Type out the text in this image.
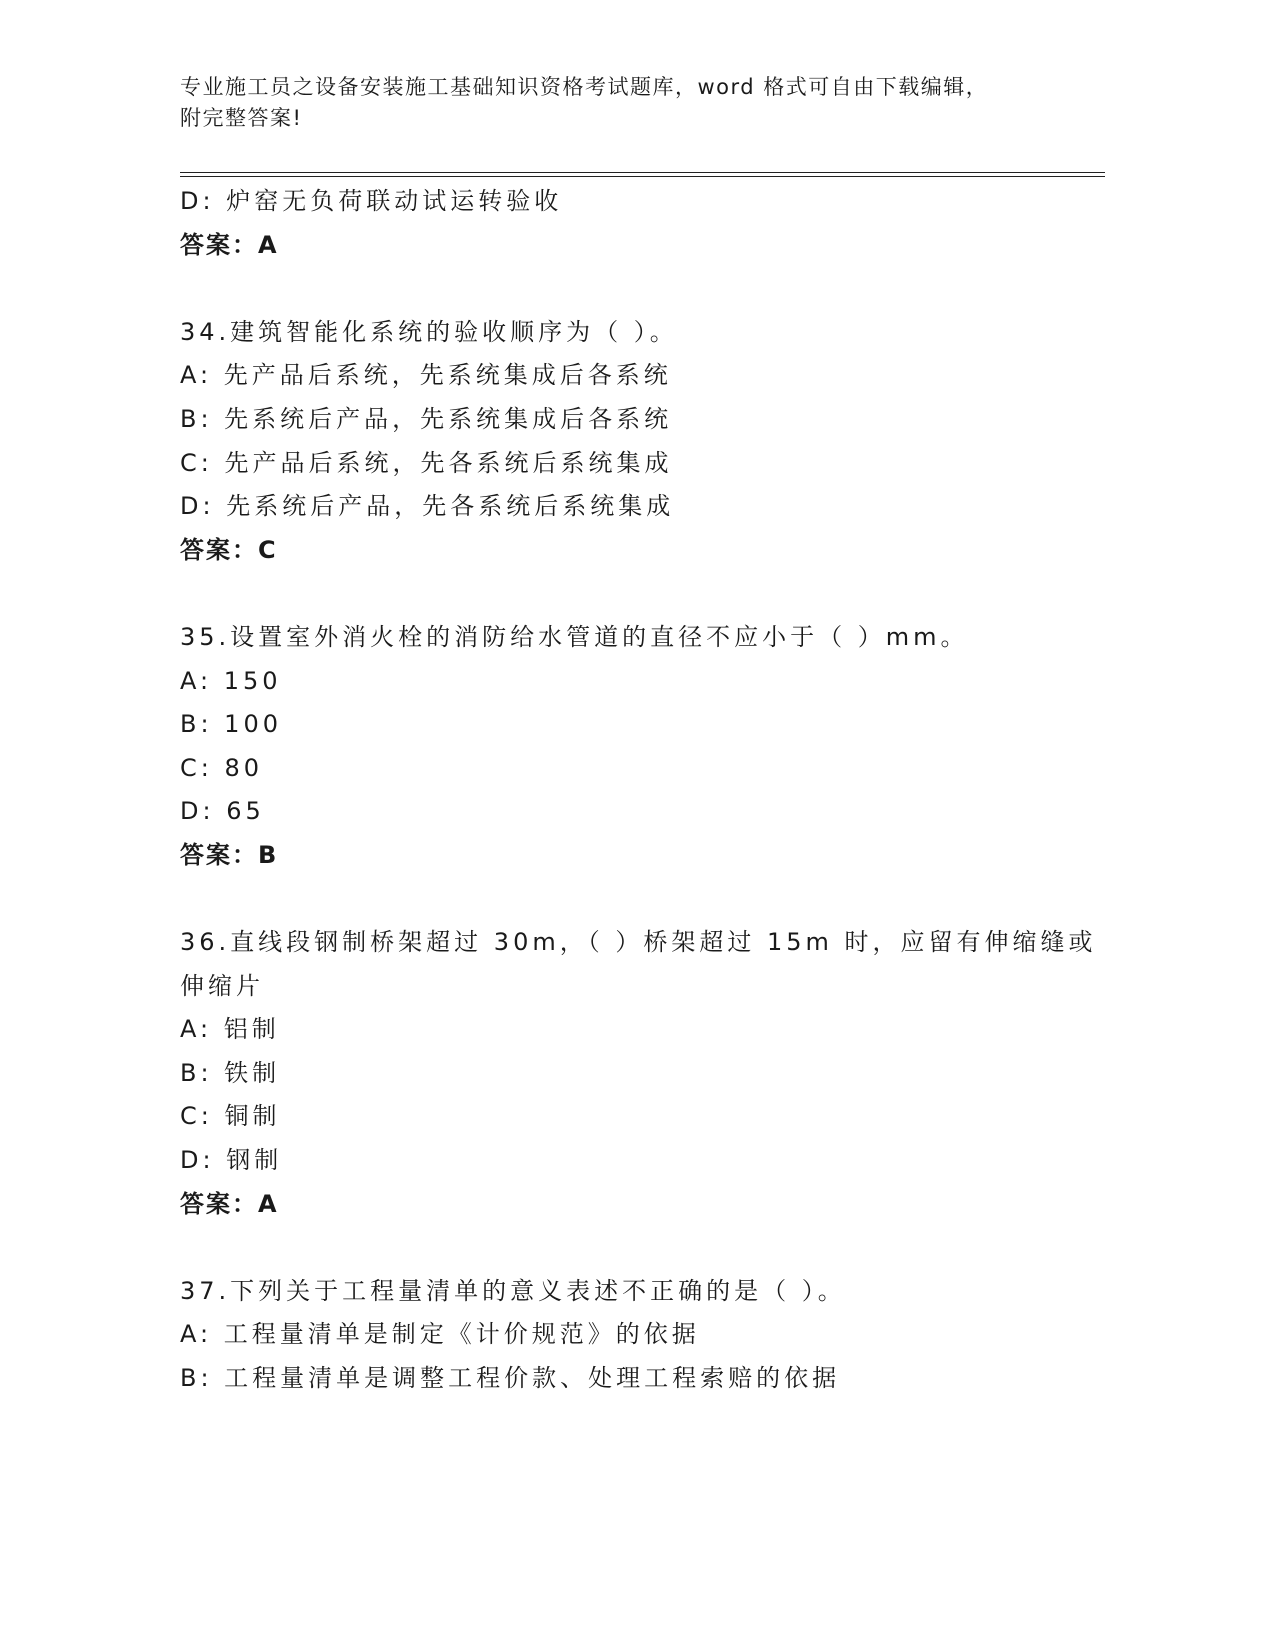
专业施工员之设备安装施工基础知识资格考试题库，word 格式可自由下载编辑，
附完整答案!
D: 炉窑无负荷联动试运转验收
答案：A
34.建筑智能化系统的验收顺序为（ ）。
A: 先产品后系统，先系统集成后各系统
B: 先系统后产品，先系统集成后各系统
C: 先产品后系统，先各系统后系统集成
D: 先系统后产品，先各系统后系统集成
答案：C
35.设置室外消火栓的消防给水管道的直径不应小于（ ）mm。
A: 150
B: 100
C: 80
D: 65
答案：B
36.直线段钢制桥架超过 30m，（ ）桥架超过 15m 时，应留有伸缩缝或
伸缩片
A: 铝制
B: 铁制
C: 铜制
D: 钢制
答案：A
37.下列关于工程量清单的意义表述不正确的是（ ）。
A: 工程量清单是制定《计价规范》的依据
B: 工程量清单是调整工程价款、处理工程索赔的依据
